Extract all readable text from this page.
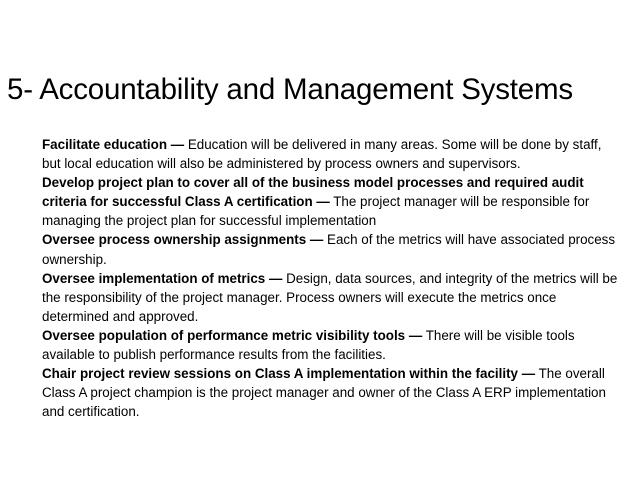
5- Accountability and Management Systems

Facilitate education — Education will be delivered in many areas. Some will be done by staff, but local education will also be administered by process owners and supervisors.

Develop project plan to cover all of the business model processes and required audit criteria for successful Class A certification — The project manager will be responsible for managing the project plan for successful implementation

Oversee process ownership assignments — Each of the metrics will have associated process ownership.

Oversee implementation of metrics — Design, data sources, and integrity of the metrics will be the responsibility of the project manager. Process owners will execute the metrics once determined and approved.

Oversee population of performance metric visibility tools — There will be visible tools available to publish performance results from the facilities.

Chair project review sessions on Class A implementation within the facility — The overall Class A project champion is the project manager and owner of the Class A ERP implementation and certification.
